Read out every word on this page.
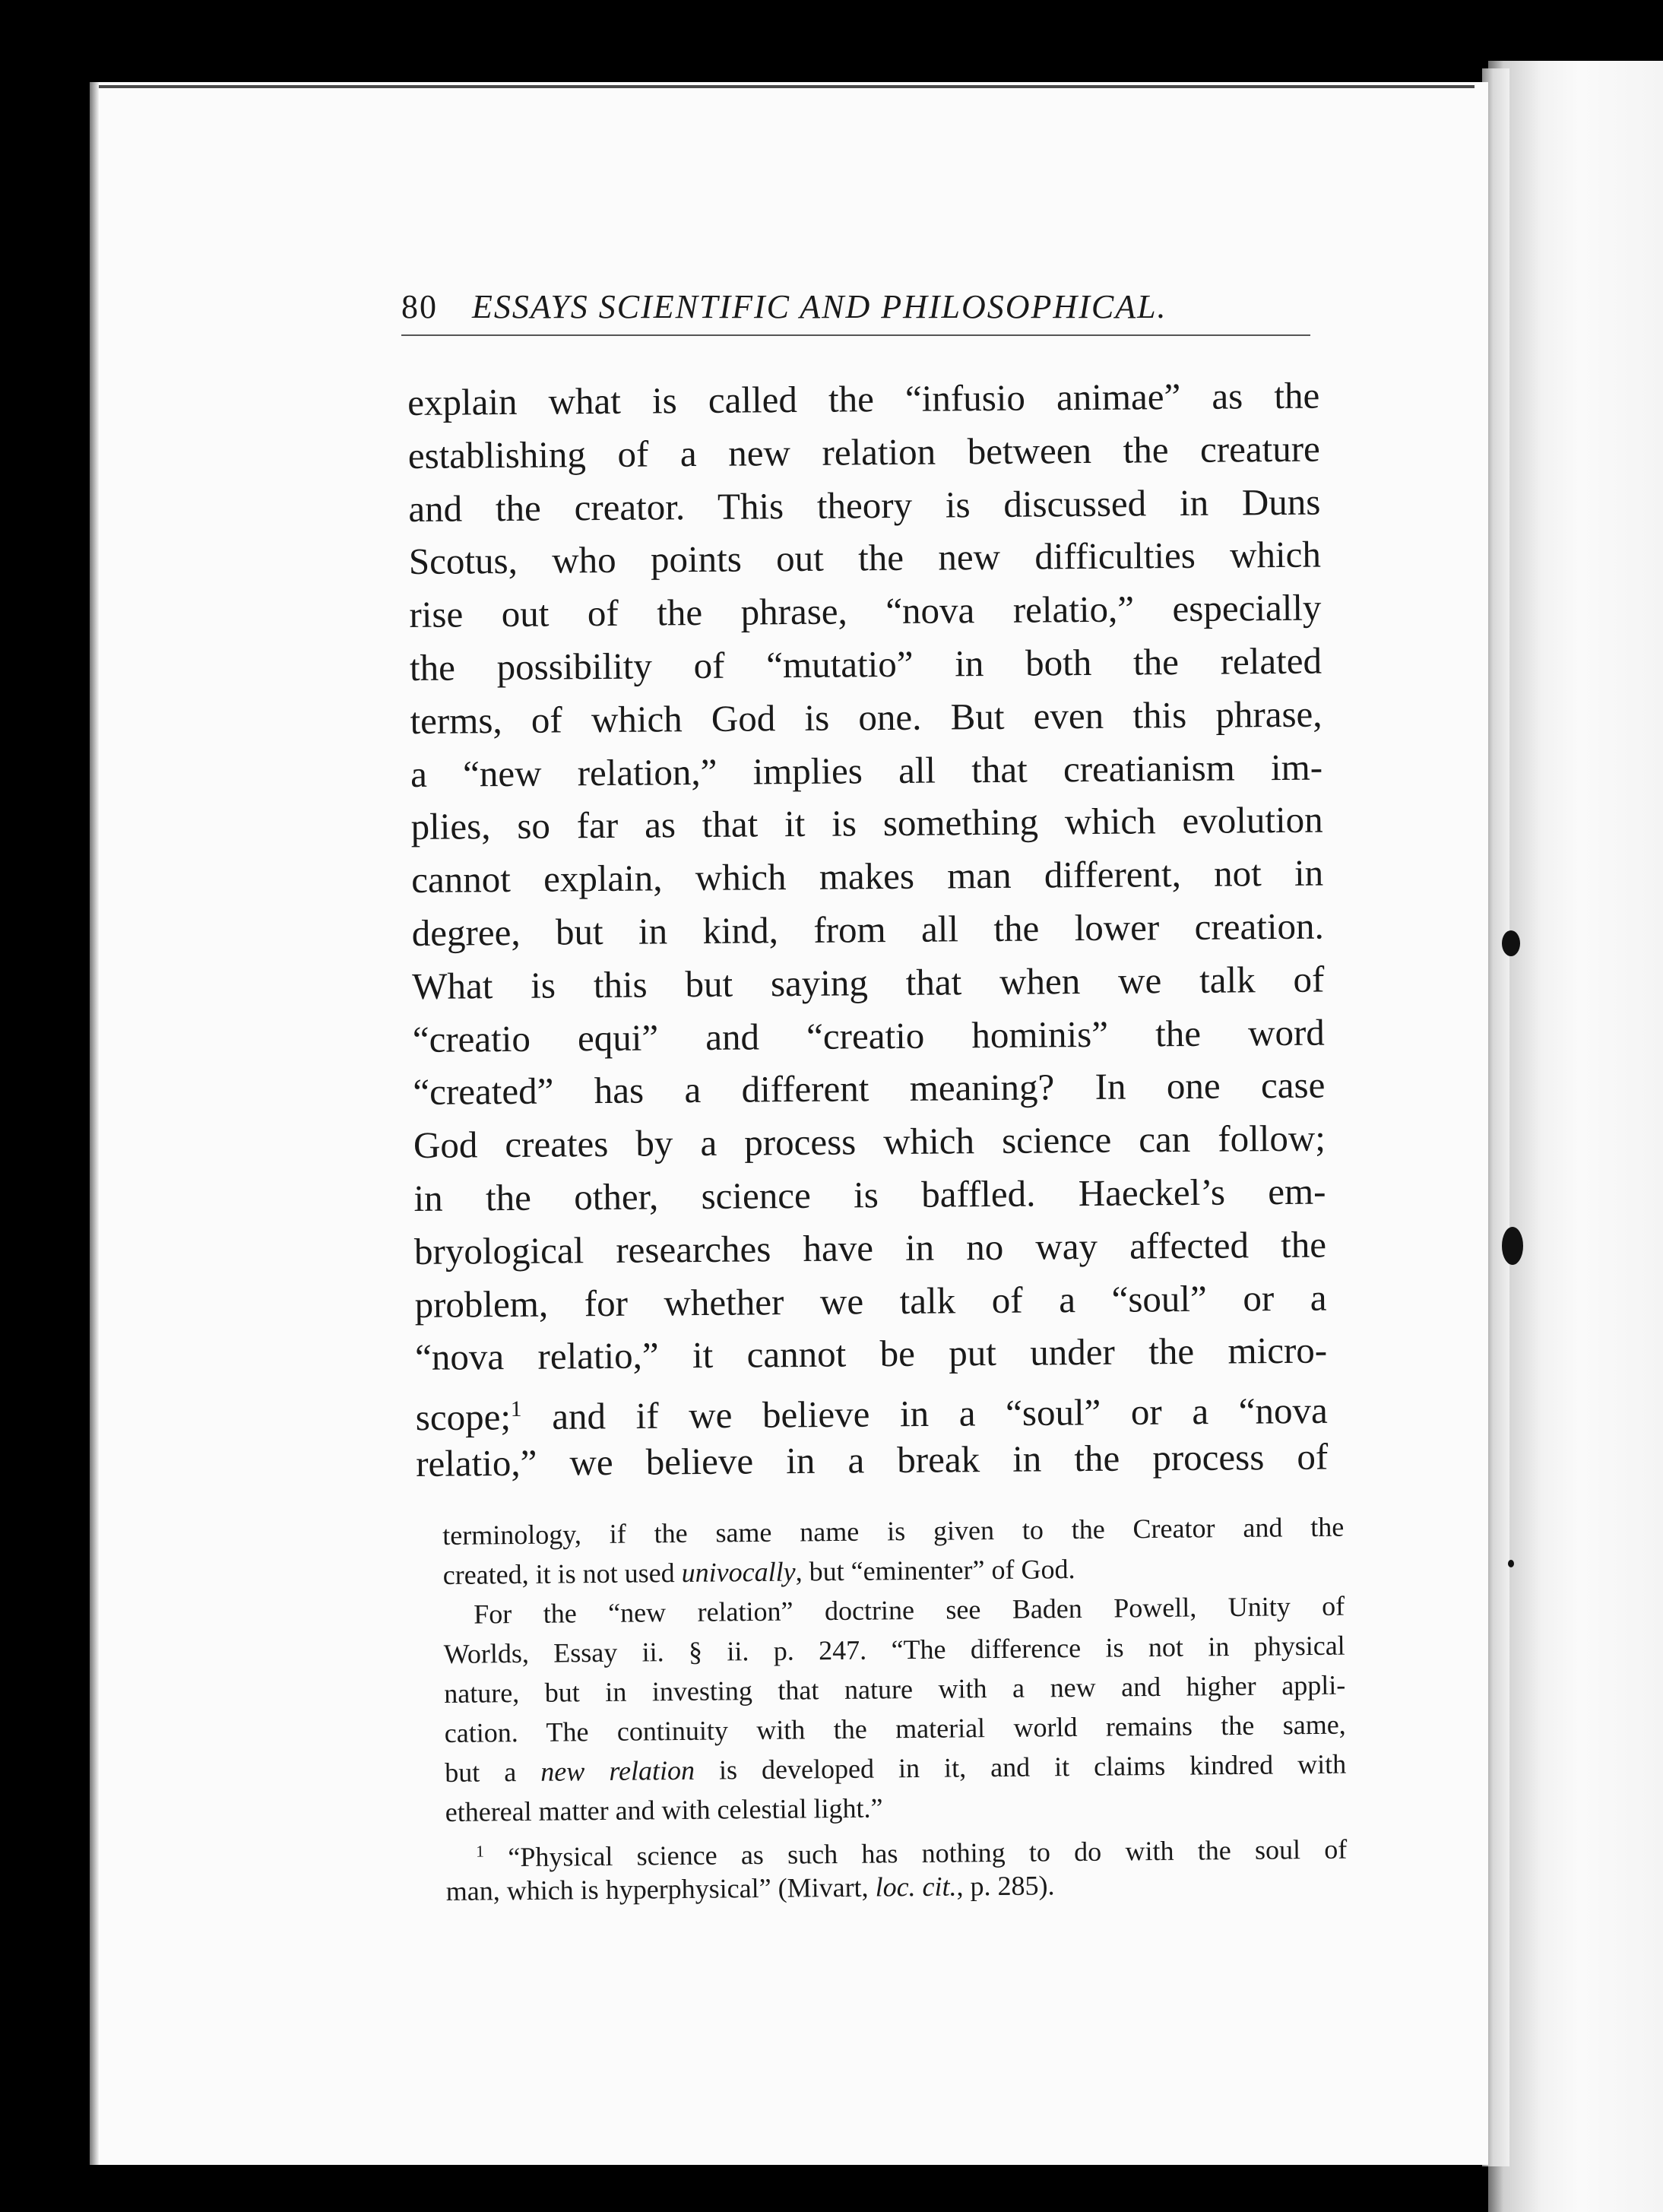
80 ESSAYS SCIENTIFIC AND PHILOSOPHICAL.
explain what is called the “infusio animae” as the
establishing of a new relation between the creature
and the creator. This theory is discussed in Duns
Scotus, who points out the new difficulties which
rise out of the phrase, “nova relatio,” especially
the possibility of “mutatio” in both the related
terms, of which God is one. But even this phrase,
a “new relation,” implies all that creatianism im-
plies, so far as that it is something which evolution
cannot explain, which makes man different, not in
degree, but in kind, from all the lower creation.
What is this but saying that when we talk of
“creatio equi” and “creatio hominis” the word
“created” has a different meaning? In one case
God creates by a process which science can follow;
in the other, science is baffled. Haeckel’s em-
bryological researches have in no way affected the
problem, for whether we talk of a “soul” or a
“nova relatio,” it cannot be put under the micro-
scope;$^1$ and if we believe in a “soul” or a “nova
relatio,” we believe in a break in the process of
terminology, if the same name is given to the Creator and the
created, it is not used univocally, but “eminenter” of God.
For the “new relation” doctrine see Baden Powell, Unity of
Worlds, Essay ii. § ii. p. 247. “The difference is not in physical
nature, but in investing that nature with a new and higher appli-
cation. The continuity with the material world remains the same,
but a new relation is developed in it, and it claims kindred with
ethereal matter and with celestial light.”
$^1$ “Physical science as such has nothing to do with the soul of
man, which is hyperphysical” (Mivart, loc. cit., p. 285).
